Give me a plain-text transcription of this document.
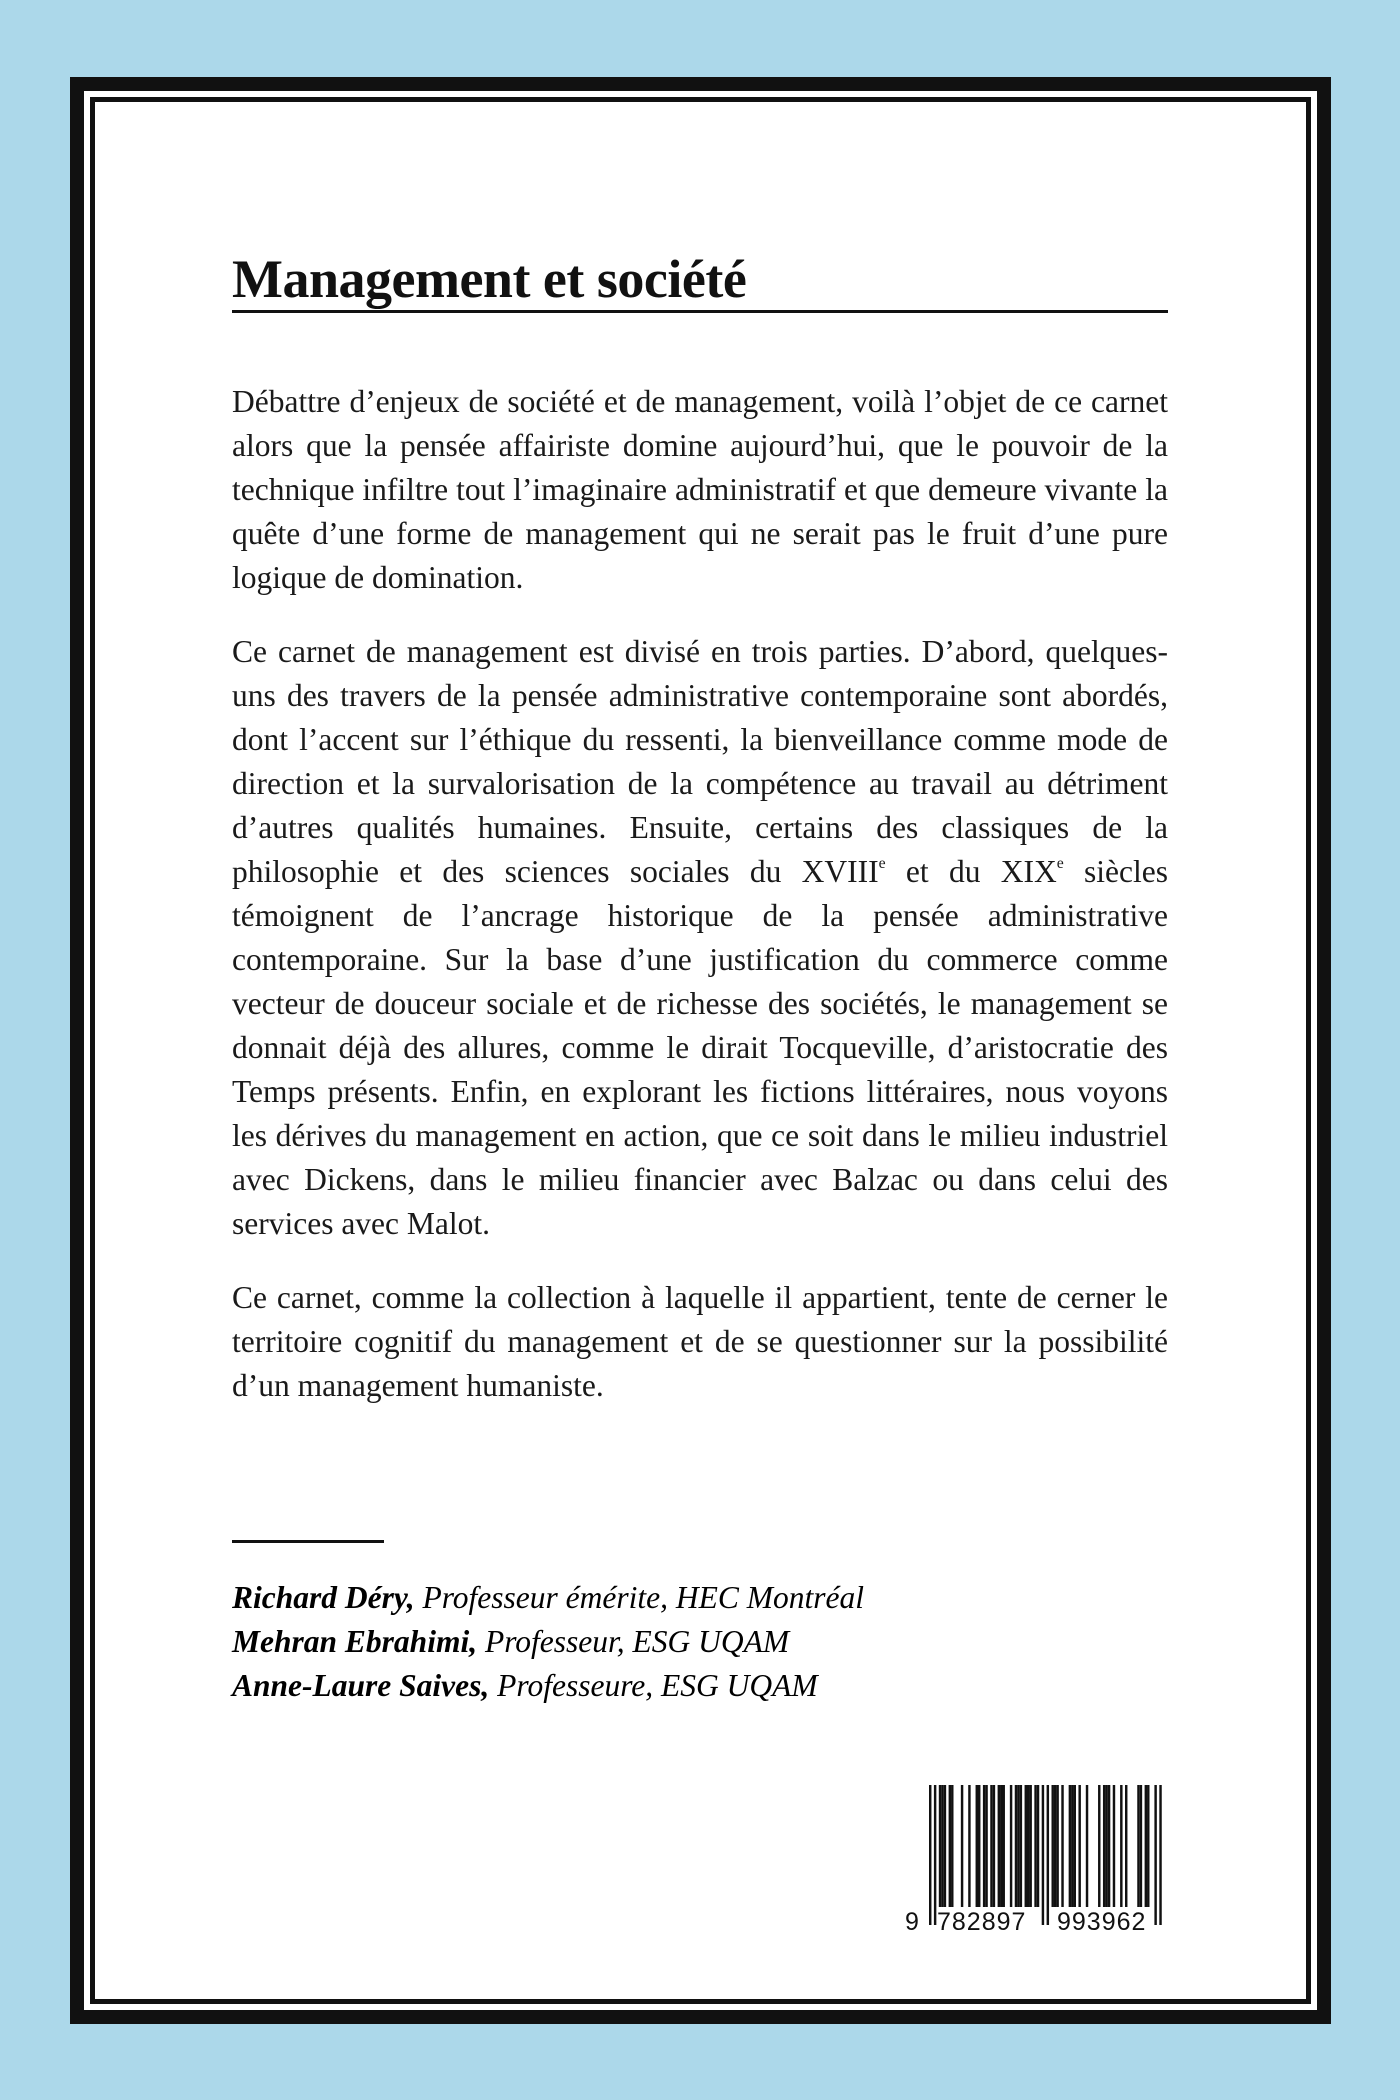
Management et société

Débattre d’enjeux de société et de management, voilà l’objet de ce carnet alors que la pensée affairiste domine aujourd’hui, que le pouvoir de la technique infiltre tout l’imaginaire administratif et que demeure vivante la quête d’une forme de management qui ne serait pas le fruit d’une pure logique de domination.

Ce carnet de management est divisé en trois parties. D’abord, quelques-uns des travers de la pensée administrative contemporaine sont abordés, dont l’accent sur l’éthique du ressenti, la bienveillance comme mode de direction et la survalorisation de la compétence au travail au détriment d’autres qualités humaines. Ensuite, certains des classiques de la philosophie et des sciences sociales du XVIIIe et du XIXe siècles témoignent de l’ancrage historique de la pensée administrative contemporaine. Sur la base d’une justification du commerce comme vecteur de douceur sociale et de richesse des sociétés, le management se donnait déjà des allures, comme le dirait Tocqueville, d’aristocratie des Temps présents. Enfin, en explorant les fictions littéraires, nous voyons les dérives du management en action, que ce soit dans le milieu industriel avec Dickens, dans le milieu financier avec Balzac ou dans celui des services avec Malot.

Ce carnet, comme la collection à laquelle il appartient, tente de cerner le territoire cognitif du management et de se questionner sur la possibilité d’un management humaniste.

Richard Déry, Professeur émérite, HEC Montréal
Mehran Ebrahimi, Professeur, ESG UQAM
Anne-Laure Saives, Professeure, ESG UQAM
9 782897 993962
